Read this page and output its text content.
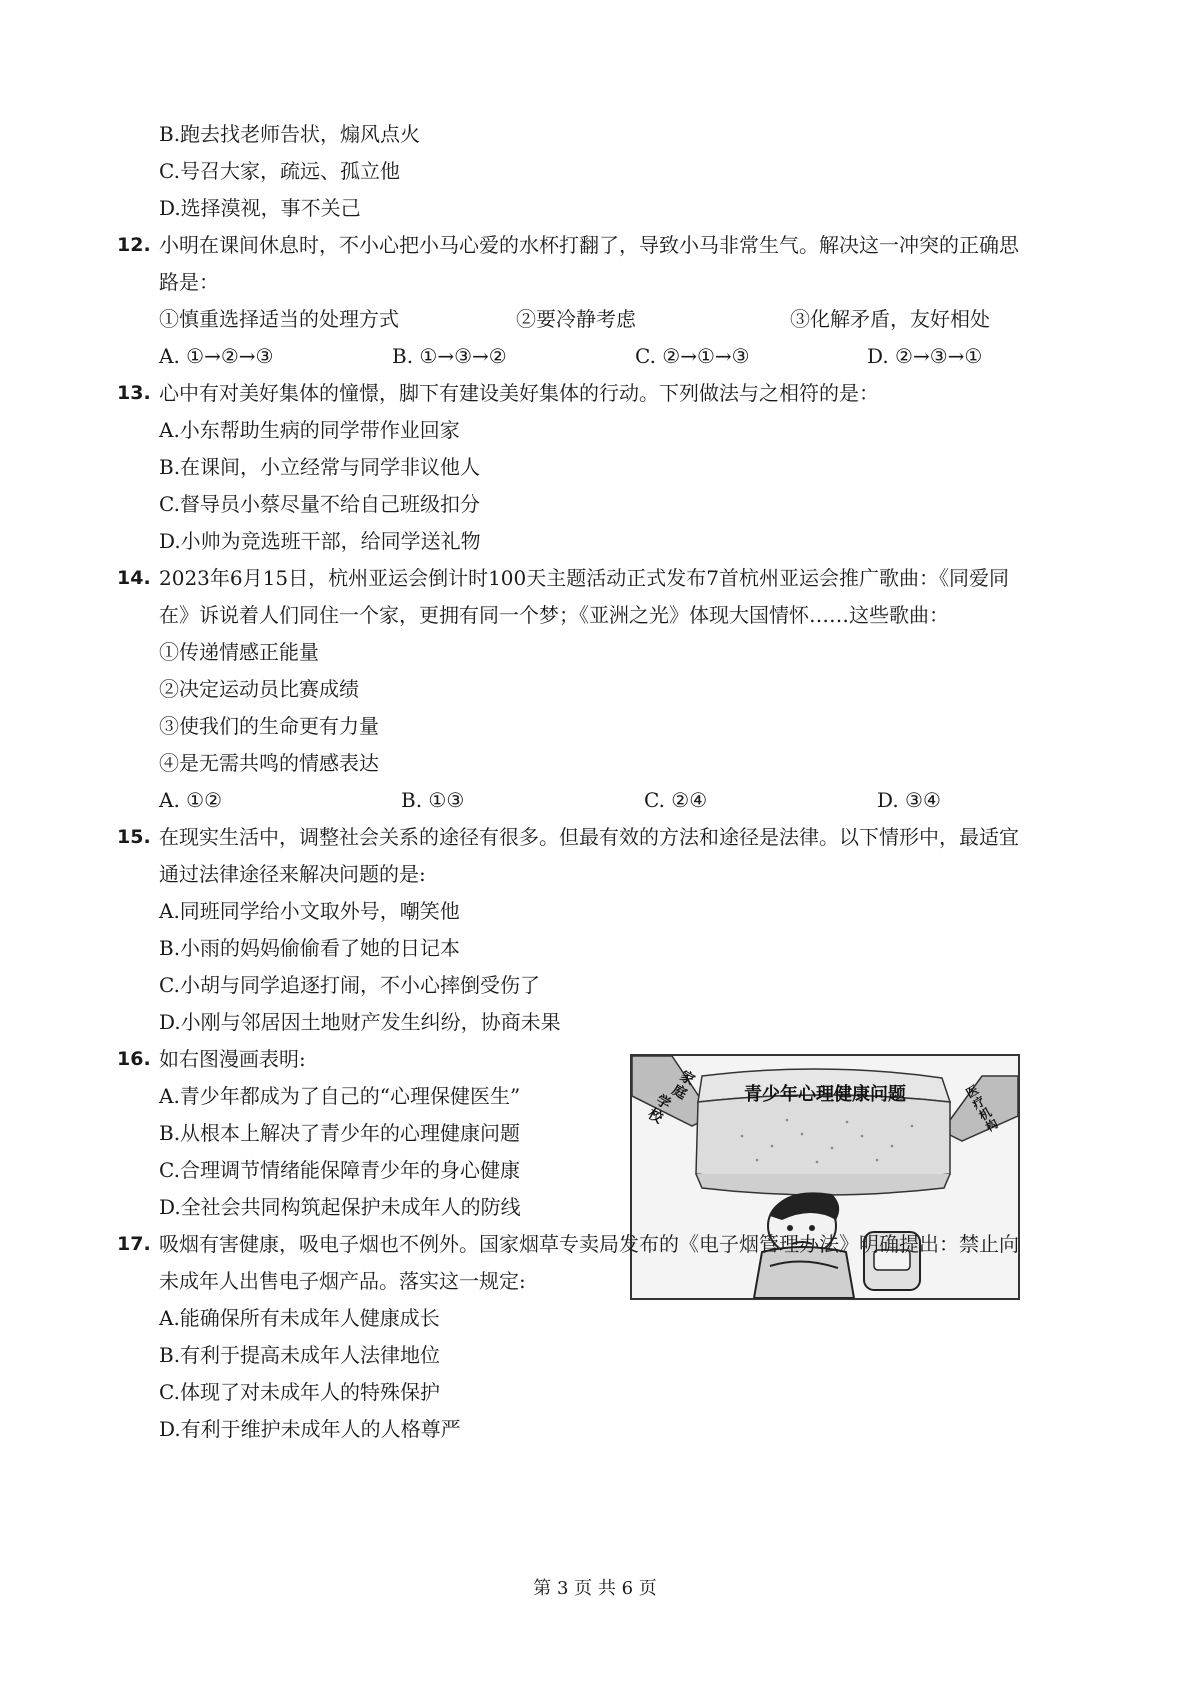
B.跑去找老师告状，煽风点火
C.号召大家，疏远、孤立他
D.选择漠视，事不关己
12. 小明在课间休息时，不小心把小马心爱的水杯打翻了，导致小马非常生气。解决这一冲突的正确思
路是：
①慎重选择适当的处理方式	②要冷静考虑	③化解矛盾，友好相处
A. ①→②→③	B. ①→③→②	C. ②→①→③	D. ②→③→①
13. 心中有对美好集体的憧憬，脚下有建设美好集体的行动。下列做法与之相符的是：
A.小东帮助生病的同学带作业回家
B.在课间，小立经常与同学非议他人
C.督导员小蔡尽量不给自己班级扣分
D.小帅为竞选班干部，给同学送礼物
14. 2023年6月15日，杭州亚运会倒计时100天主题活动正式发布7首杭州亚运会推广歌曲：《同爱同
在》诉说着人们同住一个家，更拥有同一个梦；《亚洲之光》体现大国情怀……这些歌曲：
①传递情感正能量
②决定运动员比赛成绩
③使我们的生命更有力量
④是无需共鸣的情感表达
A. ①②	B. ①③	C. ②④	D. ③④
15. 在现实生活中，调整社会关系的途径有很多。但最有效的方法和途径是法律。以下情形中，最适宜
通过法律途径来解决问题的是:
A.同班同学给小文取外号，嘲笑他
B.小雨的妈妈偷偷看了她的日记本
C.小胡与同学追逐打闹，不小心摔倒受伤了
D.小刚与邻居因土地财产发生纠纷，协商未果
16. 如右图漫画表明:
A.青少年都成为了自己的“心理保健医生”
B.从根本上解决了青少年的心理健康问题
C.合理调节情绪能保障青少年的身心健康
D.全社会共同构筑起保护未成年人的防线
青少年心理健康问题
家庭
学校
医疗机构
17. 吸烟有害健康，吸电子烟也不例外。国家烟草专卖局发布的《电子烟管理办法》明确提出：禁止向
未成年人出售电子烟产品。落实这一规定:
A.能确保所有未成年人健康成长
B.有利于提高未成年人法律地位
C.体现了对未成年人的特殊保护
D.有利于维护未成年人的人格尊严
第 3 页 共 6 页
